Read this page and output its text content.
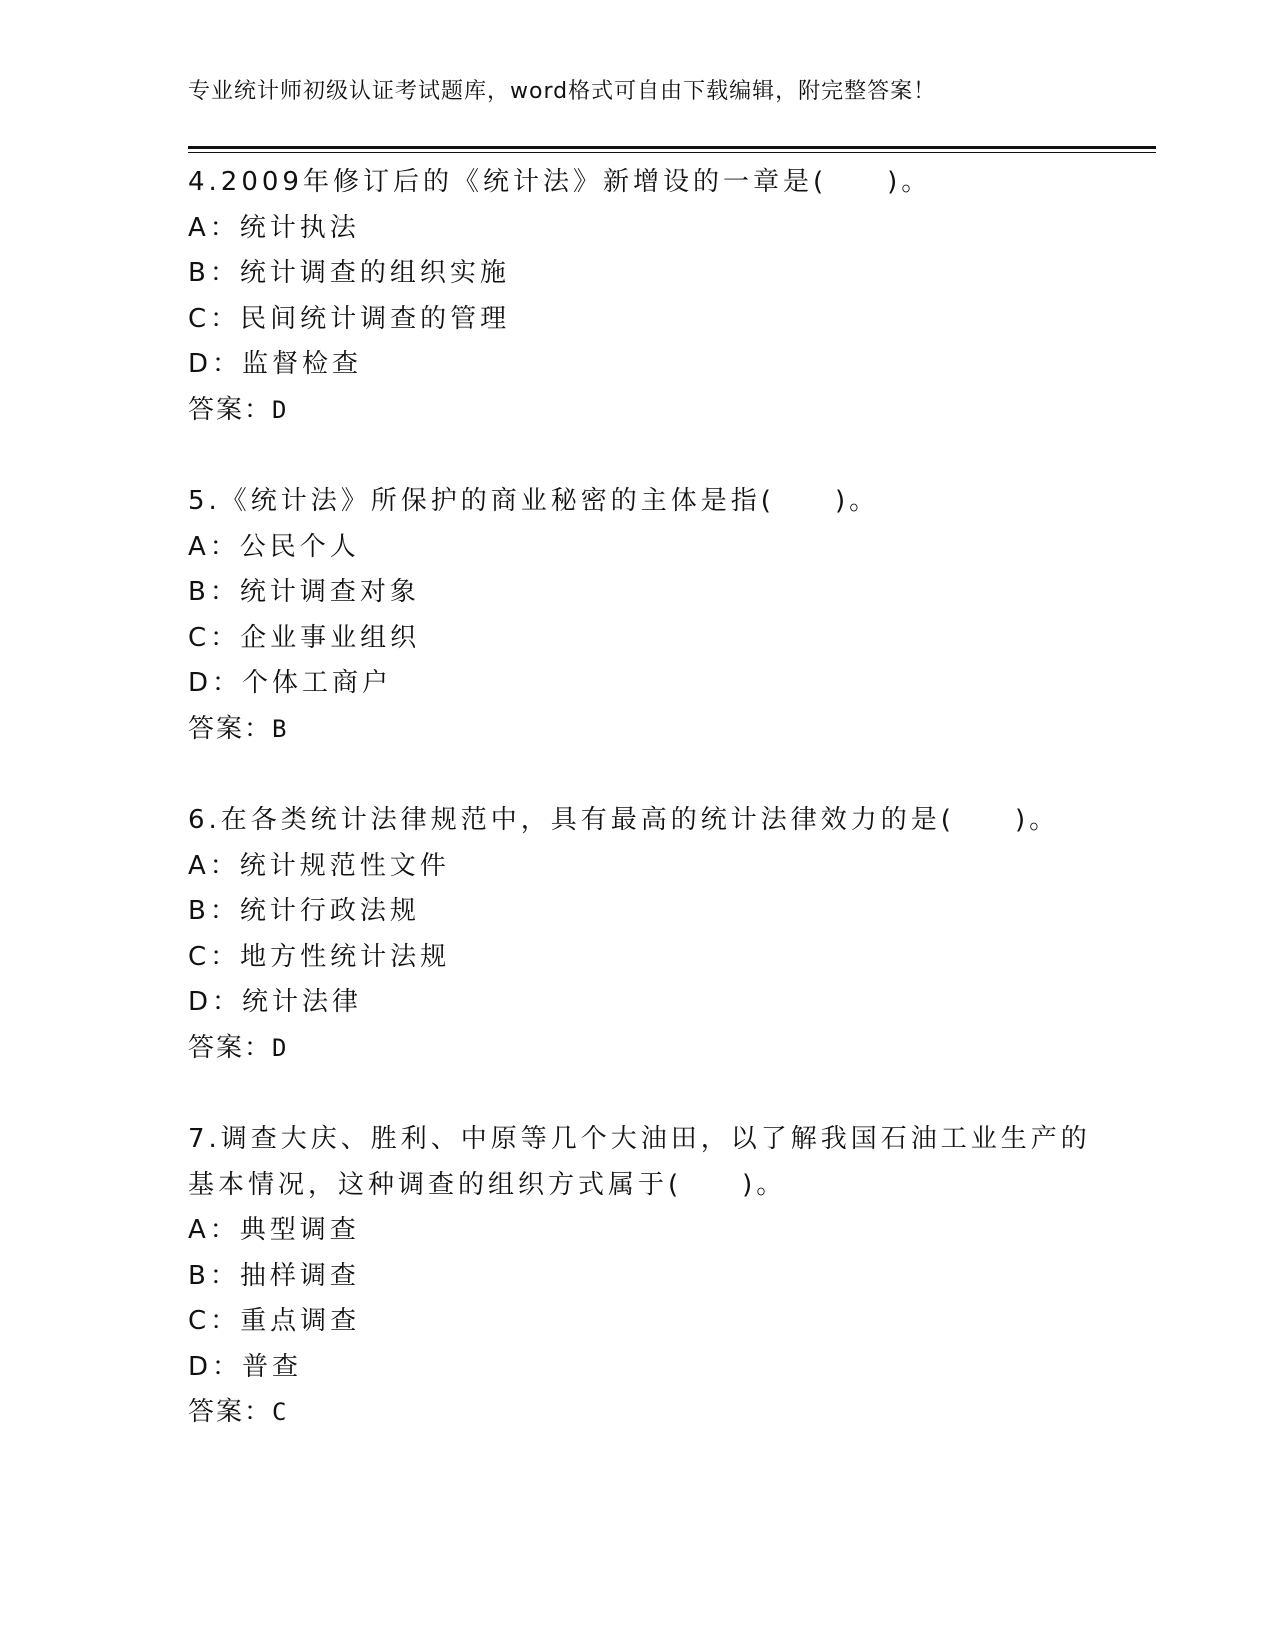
专业统计师初级认证考试题库，word格式可自由下载编辑，附完整答案！
4.2009年修订后的《统计法》新增设的一章是(　　)。
A：统计执法
B：统计调查的组织实施
C：民间统计调查的管理
D：监督检查
答案：D
5.《统计法》所保护的商业秘密的主体是指(　　)。
A：公民个人
B：统计调查对象
C：企业事业组织
D：个体工商户
答案：B
6.在各类统计法律规范中，具有最高的统计法律效力的是(　　)。
A：统计规范性文件
B：统计行政法规
C：地方性统计法规
D：统计法律
答案：D
7.调查大庆、胜利、中原等几个大油田，以了解我国石油工业生产的
基本情况，这种调查的组织方式属于(　　)。
A：典型调查
B：抽样调查
C：重点调查
D：普查
答案：C
